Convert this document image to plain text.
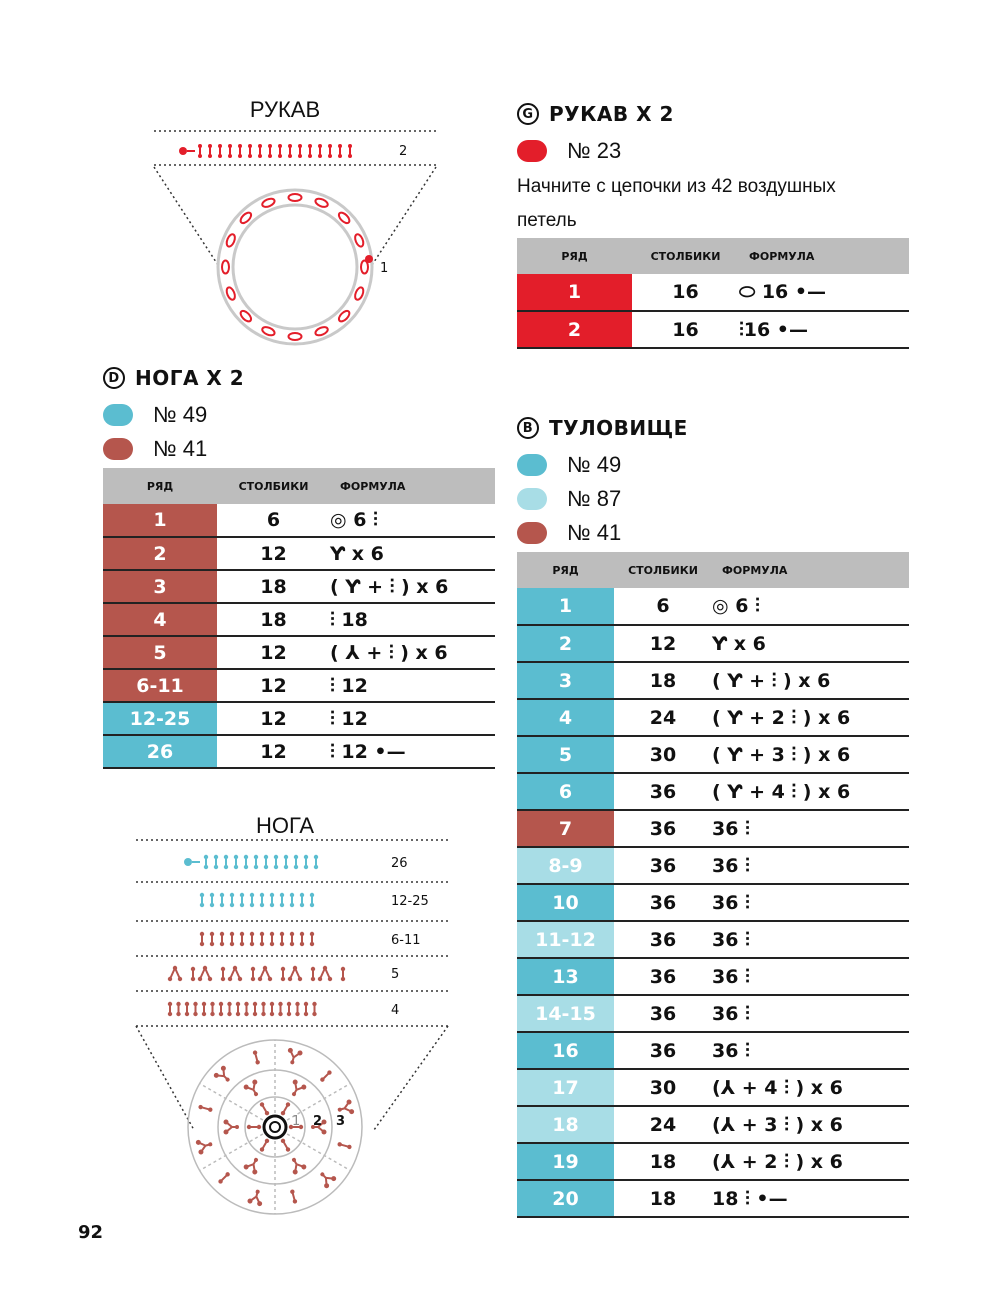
РУКАВ
2
1
G РУКАВ X 2
№ 23
Начните с цепочки из 42 воздушных петель
РЯД	СТОЛБИКИ	ФОРМУЛА
1	16	⬭ 16 •—
2	16	⫶16 •—
D НОГА X 2
№ 49
№ 41
РЯД	СТОЛБИКИ	ФОРМУЛА
1	6	◎ 6 ⫶
2	12	Ƴ x 6
3	18	( Ƴ + ⫶ ) x 6
4	18	⫶ 18
5	12	( ⅄ + ⫶ ) x 6
6-11	12	⫶ 12
12-25	12	⫶ 12
26	12	⫶ 12 •—
B ТУЛОВИЩЕ
№ 49
№ 87
№ 41
РЯД	СТОЛБИКИ	ФОРМУЛА
1	6	◎ 6 ⫶
2	12	Ƴ x 6
3	18	( Ƴ + ⫶ ) x 6
4	24	( Ƴ + 2 ⫶ ) x 6
5	30	( Ƴ + 3 ⫶ ) x 6
6	36	( Ƴ + 4 ⫶ ) x 6
7	36	36 ⫶
8-9	36	36 ⫶
10	36	36 ⫶
11-12	36	36 ⫶
13	36	36 ⫶
14-15	36	36 ⫶
16	36	36 ⫶
17	30	(⅄ + 4 ⫶ ) x 6
18	24	(⅄ + 3 ⫶ ) x 6
19	18	(⅄ + 2 ⫶ ) x 6
20	18	18 ⫶ •—
НОГА
26
12-25
6-11
5
4
1 2 3
92
